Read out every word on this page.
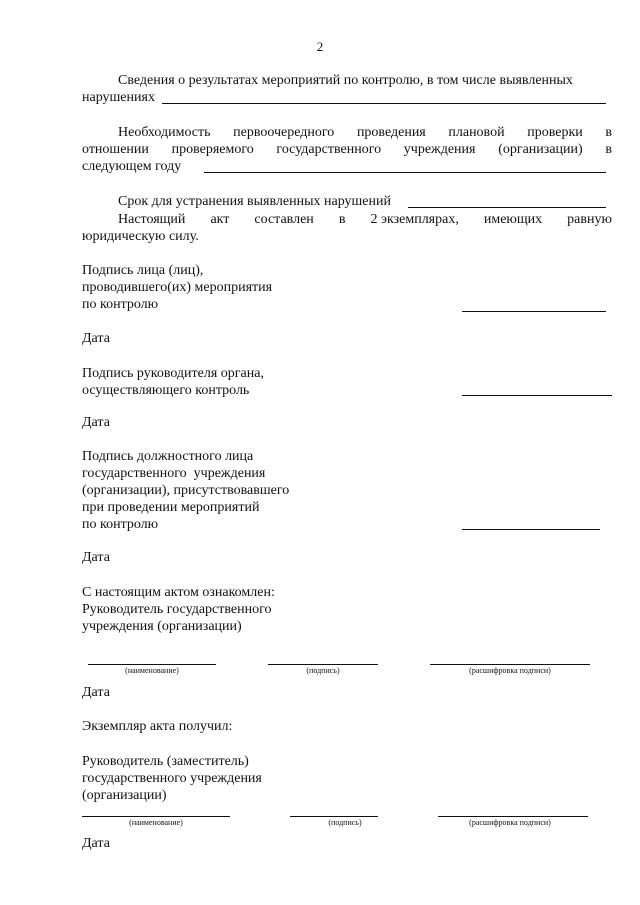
2
Сведения о результатах мероприятий по контролю, в том числе выявленных
нарушениях
Необходимость первоочередного проведения плановой проверки в
отношении проверяемого государственного учреждения (организации) в
следующем году
Срок для устранения выявленных нарушений
Настоящий акт составлен в 2 экземплярах, имеющих равную
юридическую силу.
Подпись лица (лиц),
проводившего(их) мероприятия
по контролю
Дата
Подпись руководителя органа,
осуществляющего контроль
Дата
Подпись должностного лица
государственного  учреждения
(организации), присутствовавшего
при проведении мероприятий
по контролю
Дата
С настоящим актом ознакомлен:
Руководитель государственного
учреждения (организации)
(наименование)	(подпись)	(расшифровка подписи)
Дата
Экземпляр акта получил:
Руководитель (заместитель)
государственного учреждения
(организации)
(наименование)	(подпись)	(расшифровка подписи)
Дата
